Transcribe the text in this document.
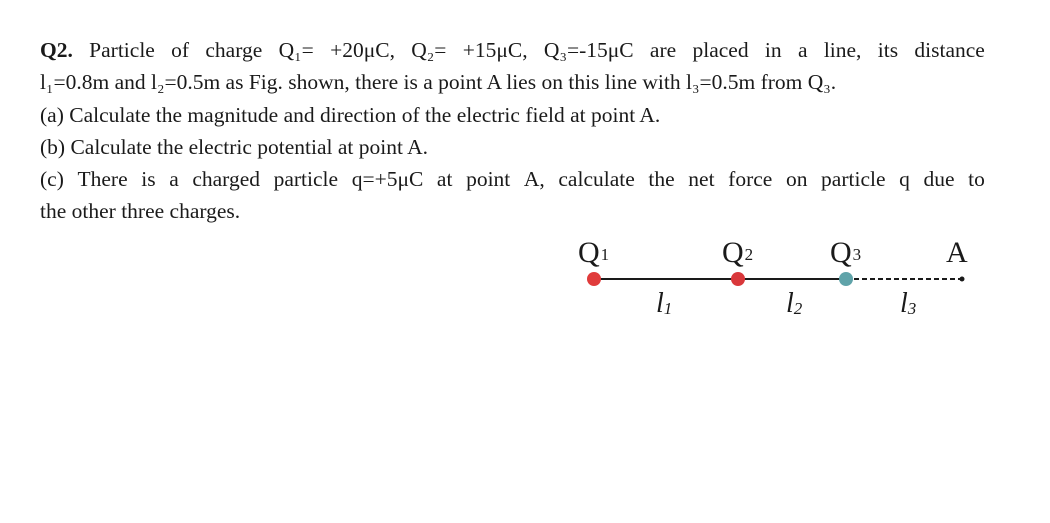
Q2. Particle of charge Q₁= +20μC, Q₂= +15μC, Q₃=-15μC are placed in a line, its distance
l₁=0.8m and l₂=0.5m as Fig. shown, there is a point A lies on this line with l₃=0.5m from Q₃.
(a) Calculate the magnitude and direction of the electric field at point A.
(b) Calculate the electric potential at point A.
(c) There is a charged particle q=+5μC at point A, calculate the net force on particle q due to
the other three charges.
Q1	Q2	Q3	A
l1	l2	l3
